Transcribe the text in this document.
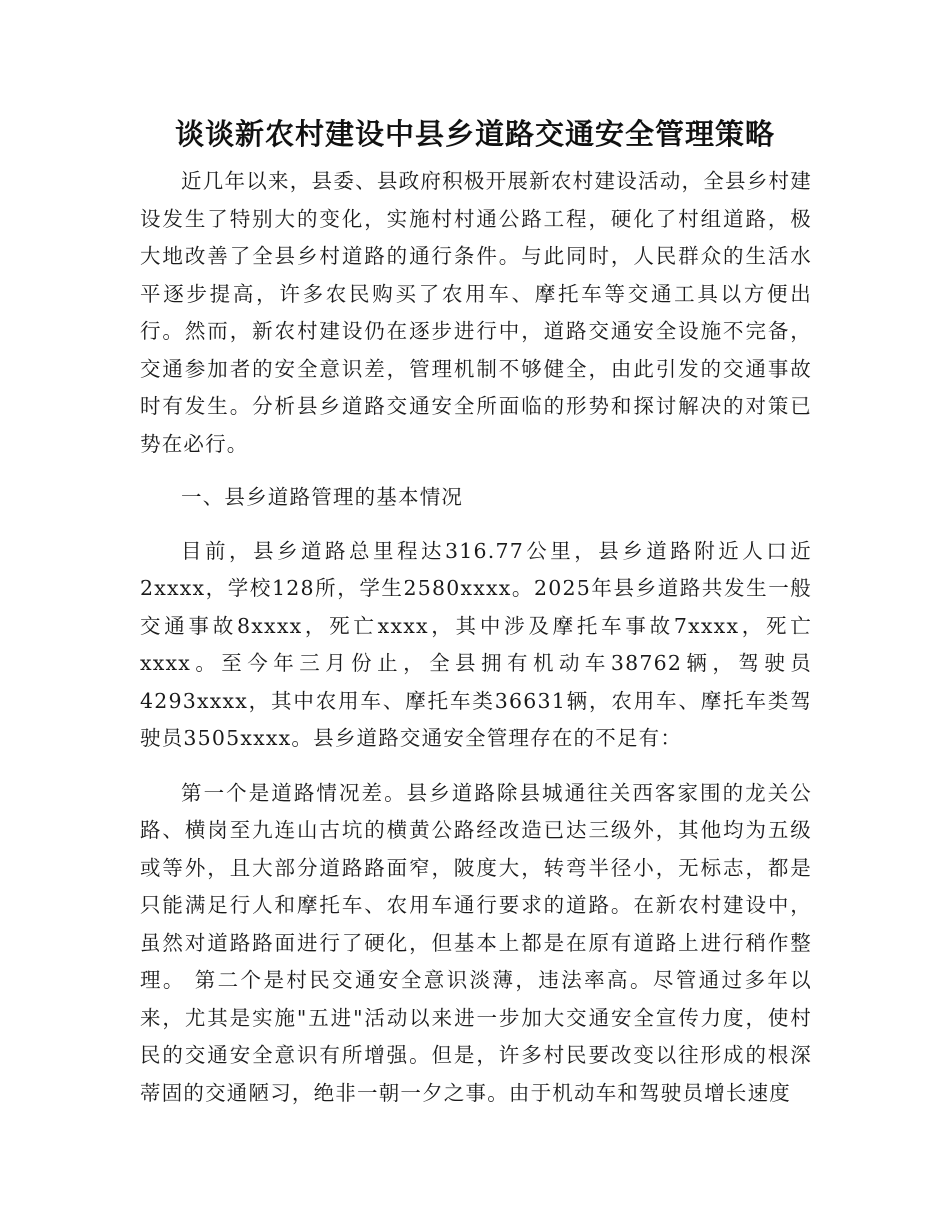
谈谈新农村建设中县乡道路交通安全管理策略

近几年以来，县委、县政府积极开展新农村建设活动，全县乡村建设发生了特别大的变化，实施村村通公路工程，硬化了村组道路，极大地改善了全县乡村道路的通行条件。与此同时，人民群众的生活水平逐步提高，许多农民购买了农用车、摩托车等交通工具以方便出行。然而，新农村建设仍在逐步进行中，道路交通安全设施不完备，交通参加者的安全意识差，管理机制不够健全，由此引发的交通事故时有发生。分析县乡道路交通安全所面临的形势和探讨解决的对策已势在必行。

一、县乡道路管理的基本情况

目前，县乡道路总里程达316.77公里，县乡道路附近人口近2xxxx，学校128所，学生2580xxxx。2025年县乡道路共发生一般交通事故8xxxx，死亡xxxx，其中涉及摩托车事故7xxxx，死亡xxxx。至今年三月份止，全县拥有机动车38762辆，驾驶员4293xxxx，其中农用车、摩托车类36631辆，农用车、摩托车类驾驶员3505xxxx。县乡道路交通安全管理存在的不足有：

第一个是道路情况差。县乡道路除县城通往关西客家围的龙关公路、横岗至九连山古坑的横黄公路经改造已达三级外，其他均为五级或等外，且大部分道路路面窄，陂度大，转弯半径小，无标志，都是只能满足行人和摩托车、农用车通行要求的道路。在新农村建设中，虽然对道路路面进行了硬化，但基本上都是在原有道路上进行稍作整理。 第二个是村民交通安全意识淡薄，违法率高。尽管通过多年以来，尤其是实施"五进"活动以来进一步加大交通安全宣传力度，使村民的交通安全意识有所增强。但是，许多村民要改变以往形成的根深蒂固的交通陋习，绝非一朝一夕之事。由于机动车和驾驶员增长速度
